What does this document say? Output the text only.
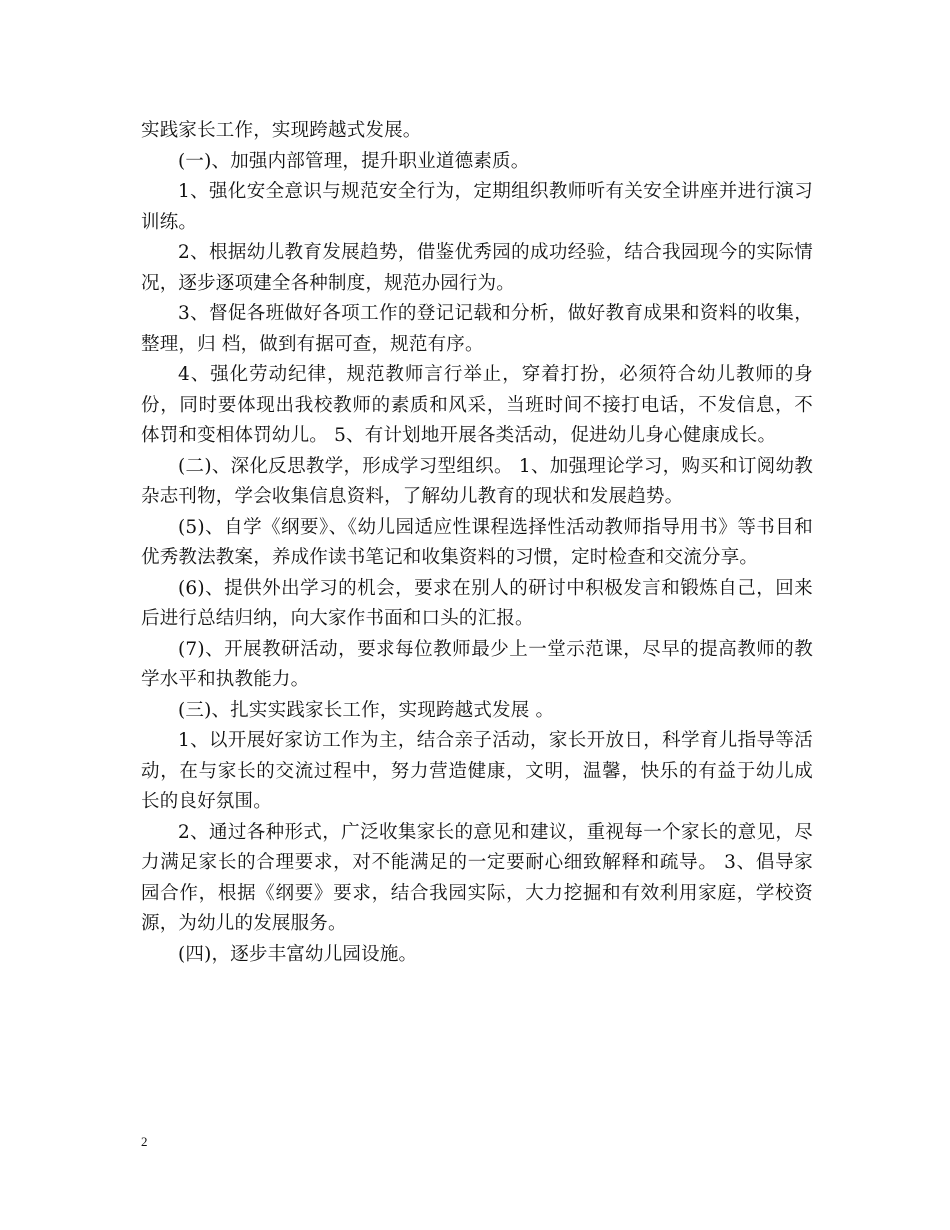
实践家长工作，实现跨越式发展。

(一)、加强内部管理，提升职业道德素质。

1、强化安全意识与规范安全行为，定期组织教师听有关安全讲座并进行演习训练。

2、根据幼儿教育发展趋势，借鉴优秀园的成功经验，结合我园现今的实际情况，逐步逐项建全各种制度，规范办园行为。

3、督促各班做好各项工作的登记记载和分析，做好教育成果和资料的收集，整理，归 档，做到有据可查，规范有序。

4、强化劳动纪律，规范教师言行举止，穿着打扮，必须符合幼儿教师的身份，同时要体现出我校教师的素质和风采，当班时间不接打电话，不发信息，不体罚和变相体罚幼儿。 5、有计划地开展各类活动，促进幼儿身心健康成长。

(二)、深化反思教学，形成学习型组织。 1、加强理论学习，购买和订阅幼教杂志刊物，学会收集信息资料，了解幼儿教育的现状和发展趋势。

(5)、自学《纲要》、《幼儿园适应性课程选择性活动教师指导用书》等书目和优秀教法教案，养成作读书笔记和收集资料的习惯，定时检查和交流分享。

(6)、提供外出学习的机会，要求在别人的研讨中积极发言和锻炼自己，回来后进行总结归纳，向大家作书面和口头的汇报。

(7)、开展教研活动，要求每位教师最少上一堂示范课，尽早的提高教师的教学水平和执教能力。

(三)、扎实实践家长工作，实现跨越式发展 。

1、以开展好家访工作为主，结合亲子活动，家长开放日，科学育儿指导等活动，在与家长的交流过程中，努力营造健康，文明，温馨，快乐的有益于幼儿成长的良好氛围。

2、通过各种形式，广泛收集家长的意见和建议，重视每一个家长的意见，尽力满足家长的合理要求，对不能满足的一定要耐心细致解释和疏导。 3、倡导家园合作，根据《纲要》要求，结合我园实际，大力挖掘和有效利用家庭，学校资源，为幼儿的发展服务。

(四)，逐步丰富幼儿园设施。

2
